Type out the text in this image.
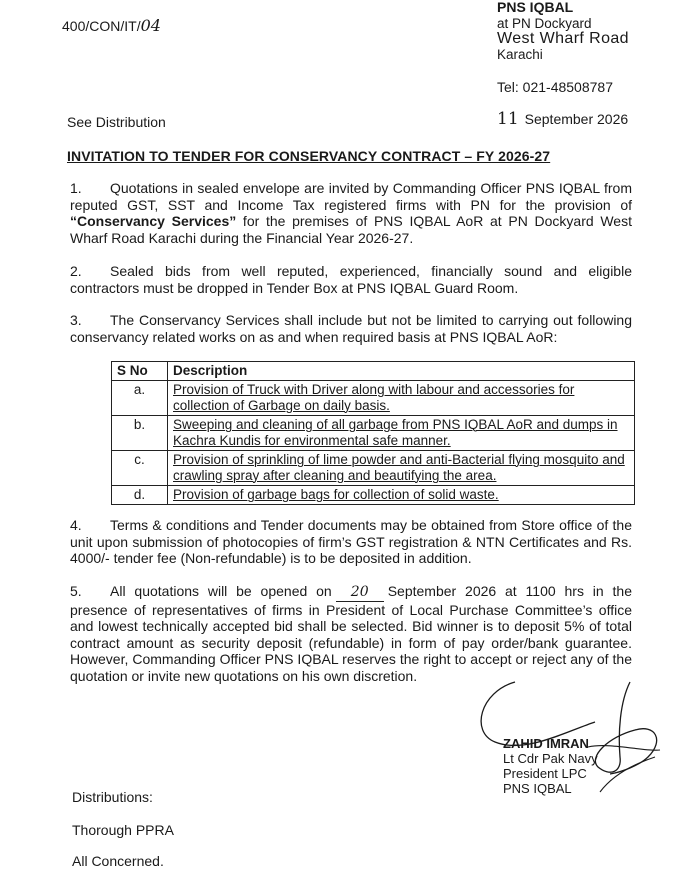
400/CON/IT/04
PNS IQBAL
at PN Dockyard
West Wharf Road
Karachi
Tel: 021-48508787
11 September 2026
See Distribution
INVITATION TO TENDER FOR CONSERVANCY CONTRACT – FY 2026-27
1. Quotations in sealed envelope are invited by Commanding Officer PNS IQBAL from reputed GST, SST and Income Tax registered firms with PN for the provision of “Conservancy Services” for the premises of PNS IQBAL AoR at PN Dockyard West Wharf Road Karachi during the Financial Year 2026-27.
2. Sealed bids from well reputed, experienced, financially sound and eligible contractors must be dropped in Tender Box at PNS IQBAL Guard Room.
3. The Conservancy Services shall include but not be limited to carrying out following conservancy related works on as and when required basis at PNS IQBAL AoR:
S No	Description
a.	Provision of Truck with Driver along with labour and accessories for collection of Garbage on daily basis.
b.	Sweeping and cleaning of all garbage from PNS IQBAL AoR and dumps in Kachra Kundis for environmental safe manner.
c.	Provision of sprinkling of lime powder and anti-Bacterial flying mosquito and crawling spray after cleaning and beautifying the area.
d.	Provision of garbage bags for collection of solid waste.
4. Terms & conditions and Tender documents may be obtained from Store office of the unit upon submission of photocopies of firm’s GST registration & NTN Certificates and Rs. 4000/- tender fee (Non-refundable) is to be deposited in addition.
5. All quotations will be opened on 20 September 2026 at 1100 hrs in the presence of representatives of firms in President of Local Purchase Committee’s office and lowest technically accepted bid shall be selected. Bid winner is to deposit 5% of total contract amount as security deposit (refundable) in form of pay order/bank guarantee. However, Commanding Officer PNS IQBAL reserves the right to accept or reject any of the quotation or invite new quotations on his own discretion.
ZAHID IMRAN
Lt Cdr Pak Navy
President LPC
PNS IQBAL
Distributions:
Thorough PPRA
All Concerned.
